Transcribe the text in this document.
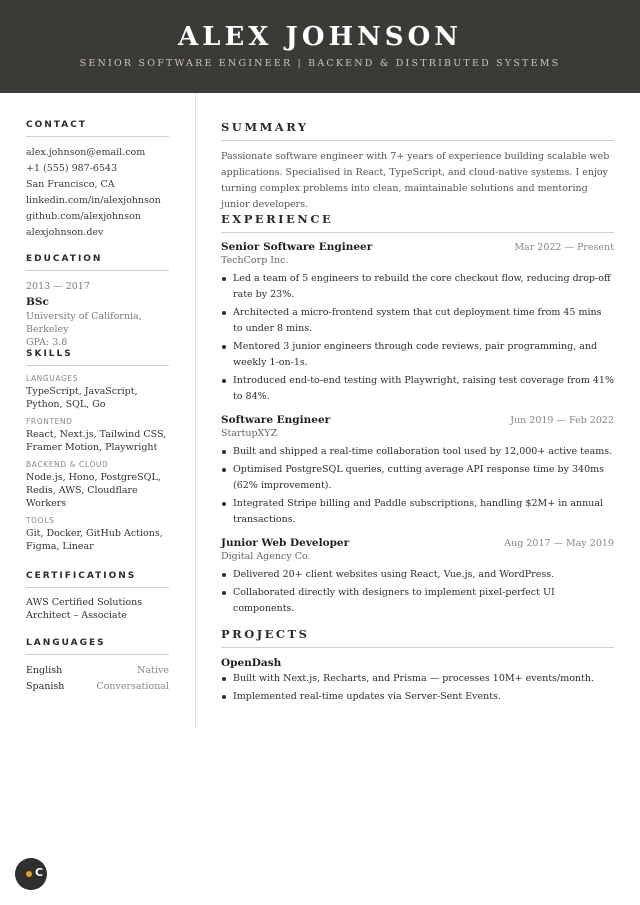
ALEX JOHNSON
SENIOR SOFTWARE ENGINEER | BACKEND & DISTRIBUTED SYSTEMS
CONTACT
alex.johnson@email.com
+1 (555) 987-6543
San Francisco, CA
linkedin.com/in/alexjohnson
github.com/alexjohnson
alexjohnson.dev
EDUCATION
2013 — 2017
BSc
University of California, Berkeley
GPA: 3.8
SKILLS
LANGUAGES
TypeScript, JavaScript, Python, SQL, Go
FRONTEND
React, Next.js, Tailwind CSS, Framer Motion, Playwright
BACKEND & CLOUD
Node.js, Hono, PostgreSQL, Redis, AWS, Cloudflare Workers
TOOLS
Git, Docker, GitHub Actions, Figma, Linear
CERTIFICATIONS
AWS Certified Solutions Architect – Associate
LANGUAGES
English	Native
Spanish	Conversational
SUMMARY
Passionate software engineer with 7+ years of experience building scalable web applications. Specialised in React, TypeScript, and cloud-native systems. I enjoy turning complex problems into clean, maintainable solutions and mentoring junior developers.
EXPERIENCE
Senior Software Engineer	Mar 2022 — Present
TechCorp Inc.
Led a team of 5 engineers to rebuild the core checkout flow, reducing drop-off rate by 23%.
Architected a micro-frontend system that cut deployment time from 45 mins to under 8 mins.
Mentored 3 junior engineers through code reviews, pair programming, and weekly 1-on-1s.
Introduced end-to-end testing with Playwright, raising test coverage from 41% to 84%.
Software Engineer	Jun 2019 — Feb 2022
StartupXYZ
Built and shipped a real-time collaboration tool used by 12,000+ active teams.
Optimised PostgreSQL queries, cutting average API response time by 340ms (62% improvement).
Integrated Stripe billing and Paddle subscriptions, handling $2M+ in annual transactions.
Junior Web Developer	Aug 2017 — May 2019
Digital Agency Co.
Delivered 20+ client websites using React, Vue.js, and WordPress.
Collaborated directly with designers to implement pixel-perfect UI components.
PROJECTS
OpenDash
Built with Next.js, Recharts, and Prisma — processes 10M+ events/month.
Implemented real-time updates via Server-Sent Events.
C
